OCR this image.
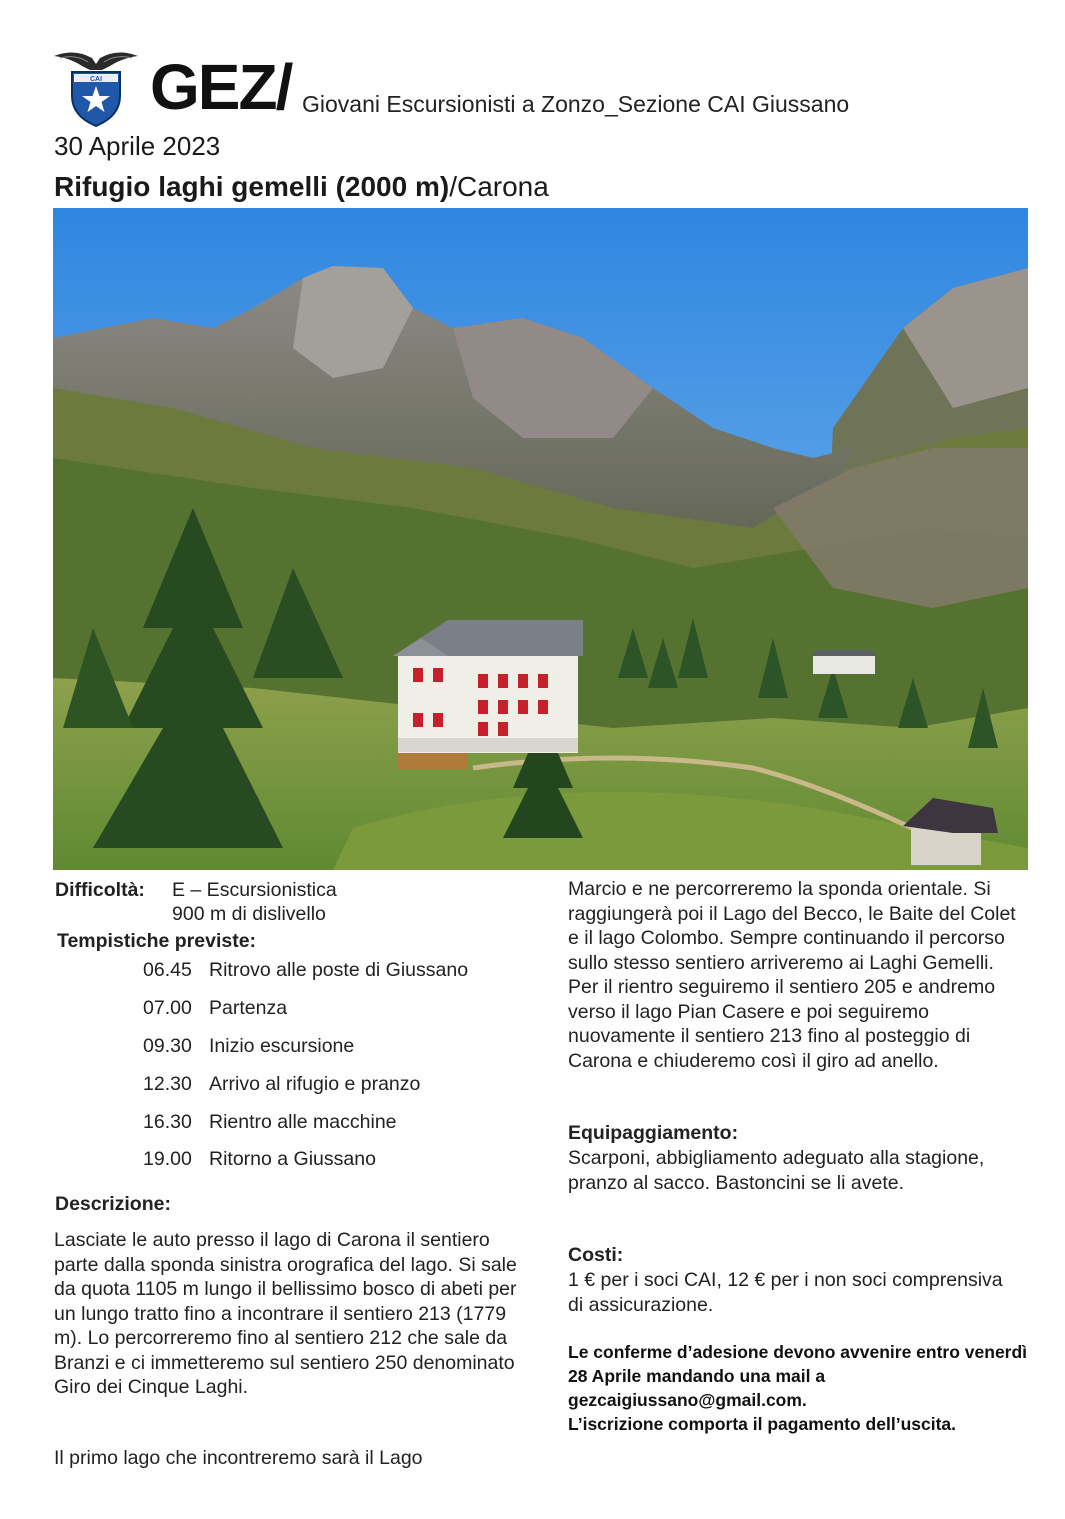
CAI GEZ/ Giovani Escursionisti a Zonzo_Sezione CAI Giussano
30 Aprile 2023
Rifugio laghi gemelli (2000 m)/Carona
Difficoltà: E – Escursionistica
900 m di dislivello
Tempistiche previste:
06.45 Ritrovo alle poste di Giussano
07.00 Partenza
09.30 Inizio escursione
12.30 Arrivo al rifugio e pranzo
16.30 Rientro alle macchine
19.00 Ritorno a Giussano
Descrizione:
Lasciate le auto presso il lago di Carona il sentiero parte dalla sponda sinistra orografica del lago. Si sale da quota 1105 m lungo il bellissimo bosco di abeti per un lungo tratto fino a incontrare il sentiero 213 (1779 m). Lo percorreremo fino al sentiero 212 che sale da Branzi e ci immetteremo sul sentiero 250 denominato Giro dei Cinque Laghi.
Il primo lago che incontreremo sarà il Lago
Marcio e ne percorreremo la sponda orientale. Si raggiungerà poi il Lago del Becco, le Baite del Colet e il lago Colombo. Sempre continuando il percorso sullo stesso sentiero arriveremo ai Laghi Gemelli. Per il rientro seguiremo il sentiero 205 e andremo verso il lago Pian Casere e poi seguiremo nuovamente il sentiero 213 fino al posteggio di Carona e chiuderemo così il giro ad anello.
Equipaggiamento:
Scarponi, abbigliamento adeguato alla stagione, pranzo al sacco. Bastoncini se li avete.
Costi:
1 € per i soci CAI, 12 € per i non soci comprensiva di assicurazione.
Le conferme d’adesione devono avvenire entro venerdì 28 Aprile mandando una mail a gezcaigiussano@gmail.com.
L’iscrizione comporta il pagamento dell’uscita.
